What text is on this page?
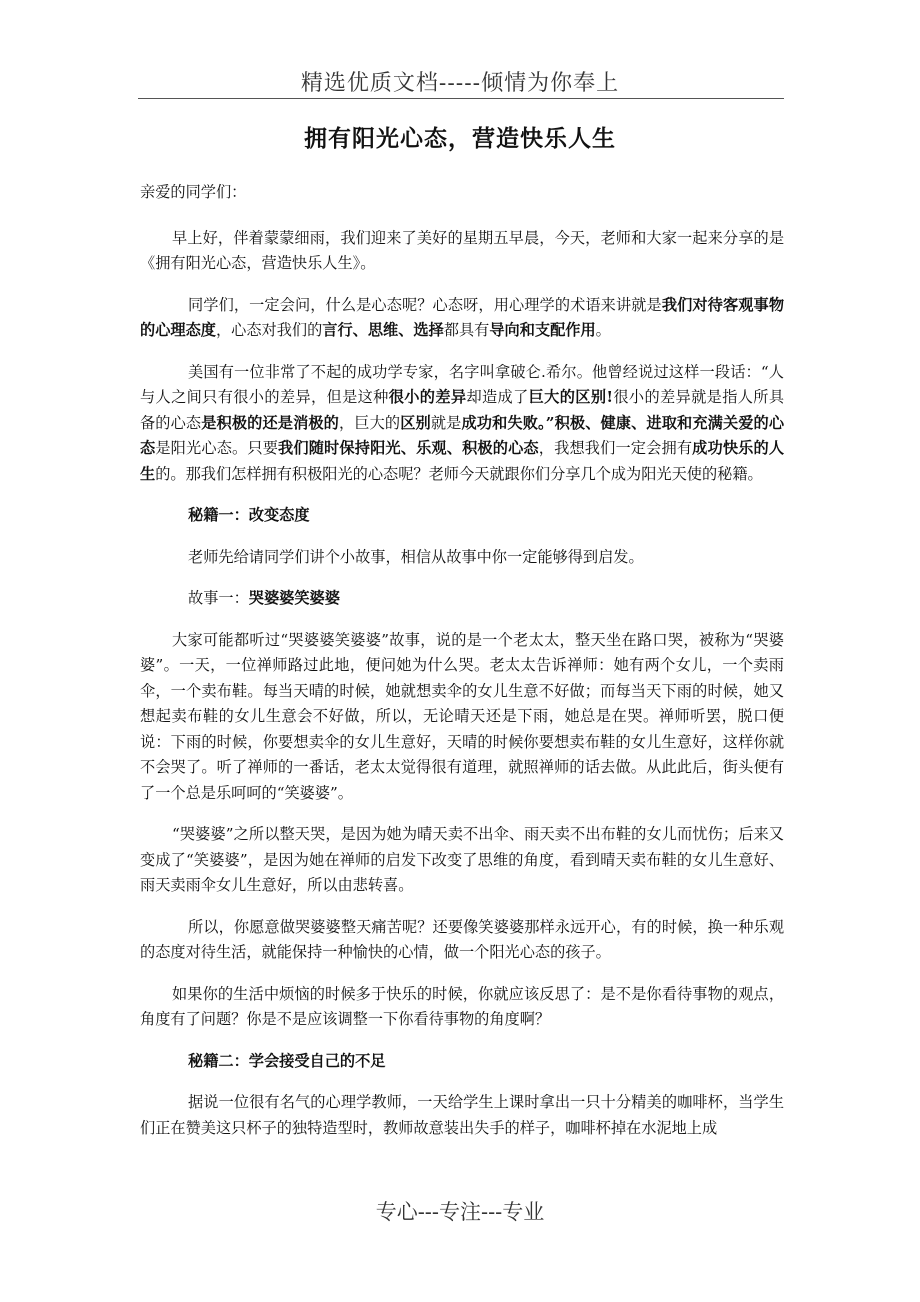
精选优质文档-----倾情为你奉上
拥有阳光心态，营造快乐人生

亲爱的同学们：

早上好，伴着蒙蒙细雨，我们迎来了美好的星期五早晨，今天，老师和大家一起来分享的是《拥有阳光心态，营造快乐人生》。

同学们，一定会问，什么是心态呢？心态呀，用心理学的术语来讲就是我们对待客观事物的心理态度，心态对我们的言行、思维、选择都具有导向和支配作用。

美国有一位非常了不起的成功学专家，名字叫拿破仑.希尔。他曾经说过这样一段话：“人与人之间只有很小的差异，但是这种很小的差异却造成了巨大的区别!很小的差异就是指人所具备的心态是积极的还是消极的，巨大的区别就是成功和失败。”积极、健康、进取和充满关爱的心态是阳光心态。只要我们随时保持阳光、乐观、积极的心态，我想我们一定会拥有成功快乐的人生的。那我们怎样拥有积极阳光的心态呢？老师今天就跟你们分享几个成为阳光天使的秘籍。

秘籍一：改变态度

老师先给请同学们讲个小故事，相信从故事中你一定能够得到启发。

故事一：哭婆婆笑婆婆

大家可能都听过“哭婆婆笑婆婆”故事，说的是一个老太太，整天坐在路口哭，被称为“哭婆婆”。一天，一位禅师路过此地，便问她为什么哭。老太太告诉禅师：她有两个女儿，一个卖雨伞，一个卖布鞋。每当天晴的时候，她就想卖伞的女儿生意不好做；而每当天下雨的时候，她又想起卖布鞋的女儿生意会不好做，所以，无论晴天还是下雨，她总是在哭。禅师听罢，脱口便说：下雨的时候，你要想卖伞的女儿生意好，天晴的时候你要想卖布鞋的女儿生意好，这样你就不会哭了。听了禅师的一番话，老太太觉得很有道理，就照禅师的话去做。从此此后，街头便有了一个总是乐呵呵的“笑婆婆”。

“哭婆婆”之所以整天哭，是因为她为晴天卖不出伞、雨天卖不出布鞋的女儿而忧伤；后来又变成了“笑婆婆”，是因为她在禅师的启发下改变了思维的角度，看到晴天卖布鞋的女儿生意好、雨天卖雨伞女儿生意好，所以由悲转喜。

所以，你愿意做哭婆婆整天痛苦呢？还要像笑婆婆那样永远开心，有的时候，换一种乐观的态度对待生活，就能保持一种愉快的心情，做一个阳光心态的孩子。

如果你的生活中烦恼的时候多于快乐的时候，你就应该反思了：是不是你看待事物的观点，角度有了问题？你是不是应该调整一下你看待事物的角度啊？

秘籍二：学会接受自己的不足

据说一位很有名气的心理学教师，一天给学生上课时拿出一只十分精美的咖啡杯，当学生们正在赞美这只杯子的独特造型时，教师故意装出失手的样子，咖啡杯掉在水泥地上成

专心---专注---专业
